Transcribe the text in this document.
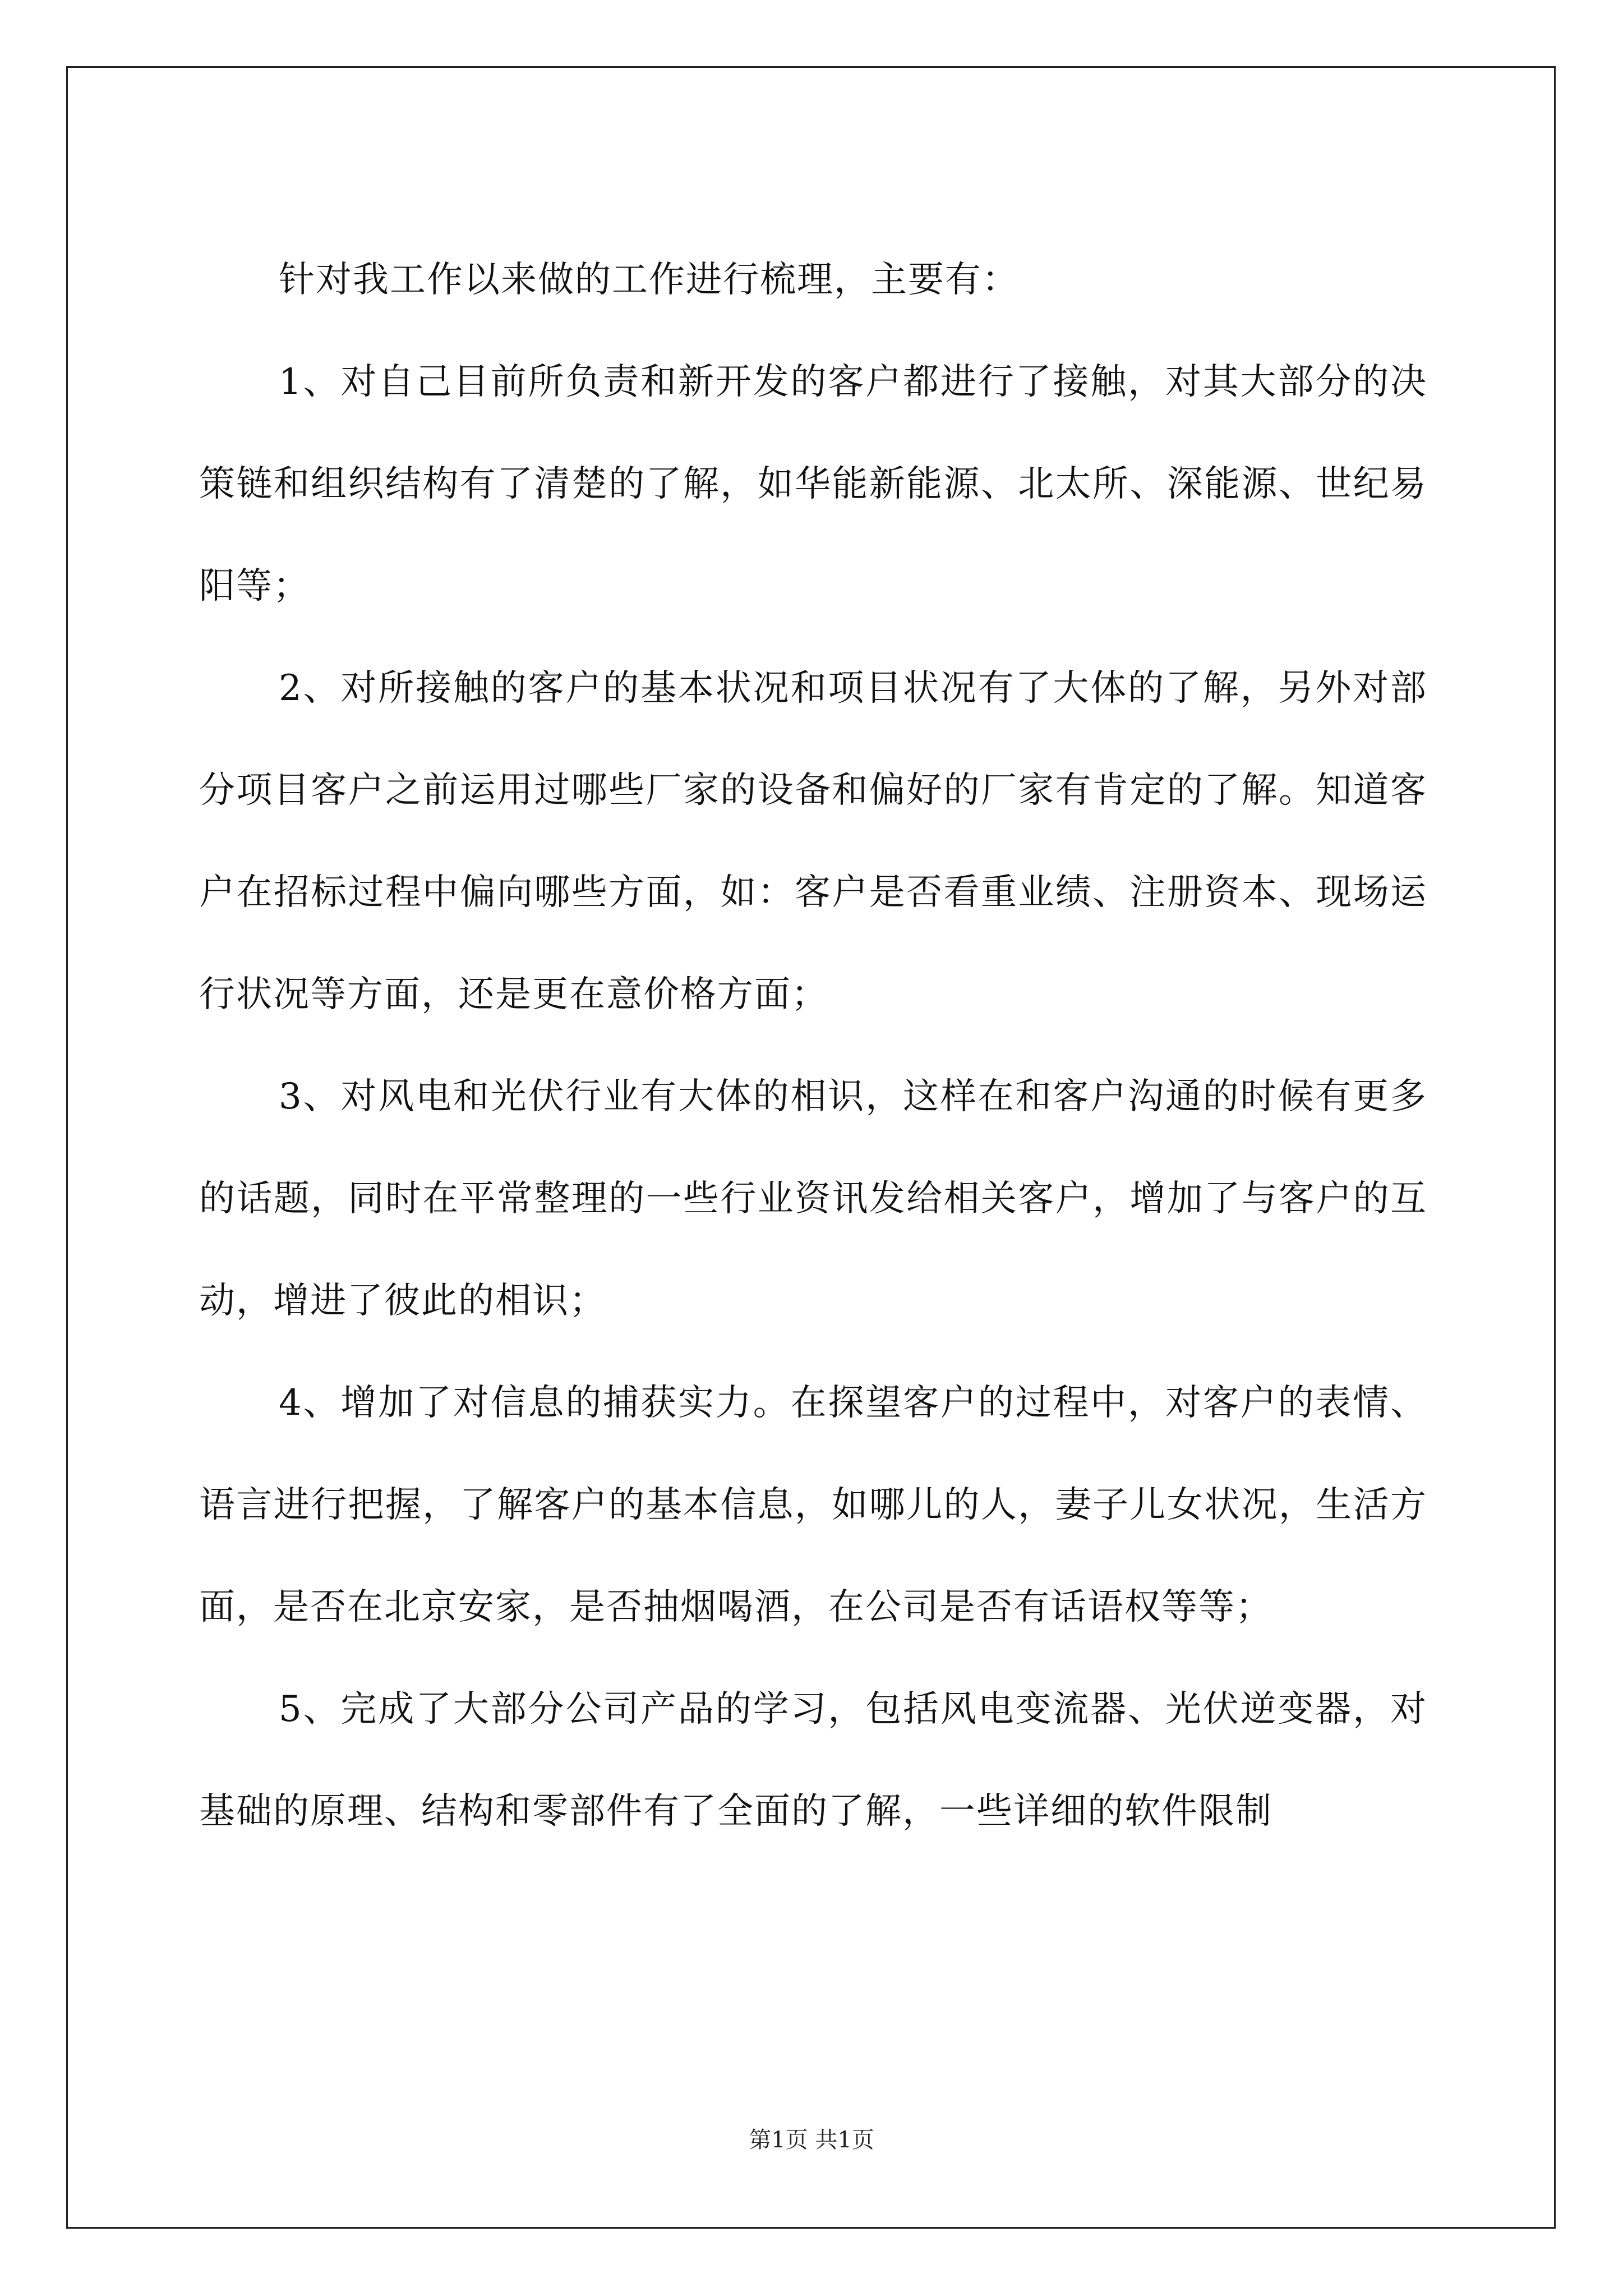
针对我工作以来做的工作进行梳理，主要有：

1、对自己目前所负责和新开发的客户都进行了接触，对其大部分的决策链和组织结构有了清楚的了解，如华能新能源、北太所、深能源、世纪易阳等；

2、对所接触的客户的基本状况和项目状况有了大体的了解，另外对部分项目客户之前运用过哪些厂家的设备和偏好的厂家有肯定的了解。知道客户在招标过程中偏向哪些方面，如：客户是否看重业绩、注册资本、现场运行状况等方面，还是更在意价格方面；

3、对风电和光伏行业有大体的相识，这样在和客户沟通的时候有更多的话题，同时在平常整理的一些行业资讯发给相关客户，增加了与客户的互动，增进了彼此的相识；

4、增加了对信息的捕获实力。在探望客户的过程中，对客户的表情、语言进行把握，了解客户的基本信息，如哪儿的人，妻子儿女状况，生活方面，是否在北京安家，是否抽烟喝酒，在公司是否有话语权等等；

5、完成了大部分公司产品的学习，包括风电变流器、光伏逆变器，对基础的原理、结构和零部件有了全面的了解，一些详细的软件限制

第1页 共1页
